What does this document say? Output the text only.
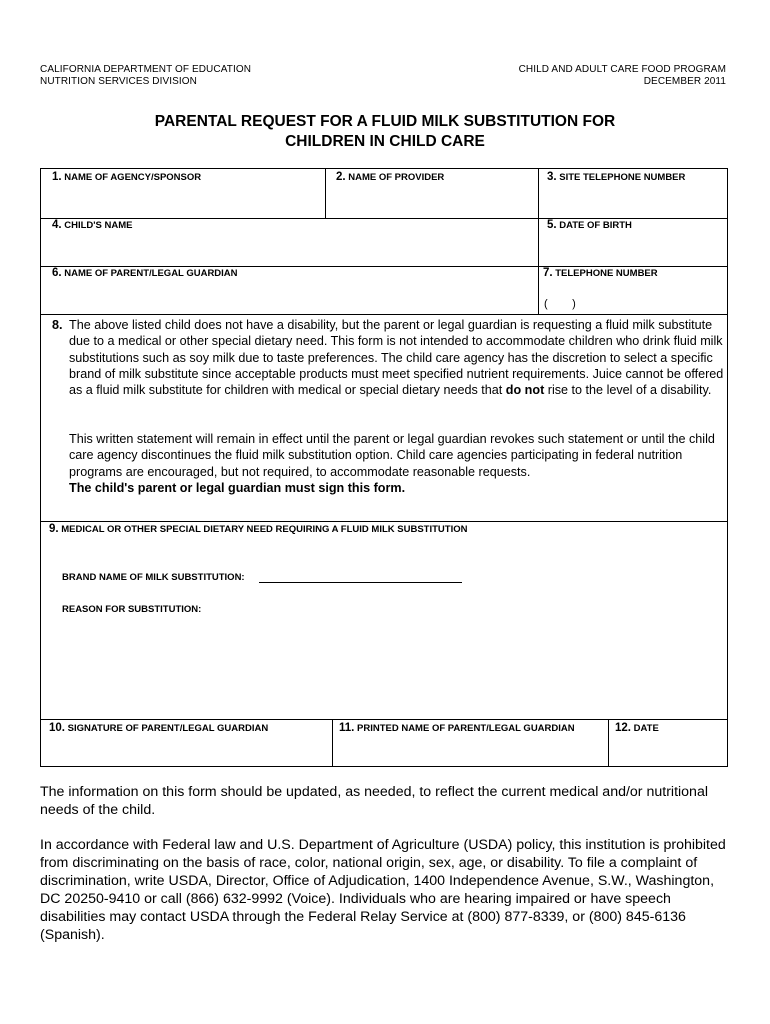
CALIFORNIA DEPARTMENT OF EDUCATION
NUTRITION SERVICES DIVISION
CHILD AND ADULT CARE FOOD PROGRAM
DECEMBER 2011
PARENTAL REQUEST FOR A FLUID MILK SUBSTITUTION FOR
CHILDREN IN CHILD CARE
1. NAME OF AGENCY/SPONSOR	2. NAME OF PROVIDER	3. SITE TELEPHONE NUMBER
4. CHILD'S NAME	5. DATE OF BIRTH
6. NAME OF PARENT/LEGAL GUARDIAN	7. TELEPHONE NUMBER
(        )
8. The above listed child does not have a disability, but the parent or legal guardian is requesting a fluid milk substitute due to a medical or other special dietary need. This form is not intended to accommodate children who drink fluid milk substitutions such as soy milk due to taste preferences. The child care agency has the discretion to select a specific brand of milk substitute since acceptable products must meet specified nutrient requirements. Juice cannot be offered as a fluid milk substitute for children with medical or special dietary needs that do not rise to the level of a disability.
This written statement will remain in effect until the parent or legal guardian revokes such statement or until the child care agency discontinues the fluid milk substitution option. Child care agencies participating in federal nutrition programs are encouraged, but not required, to accommodate reasonable requests.
The child's parent or legal guardian must sign this form.
9. MEDICAL OR OTHER SPECIAL DIETARY NEED REQUIRING A FLUID MILK SUBSTITUTION
BRAND NAME OF MILK SUBSTITUTION:
REASON FOR SUBSTITUTION:
10. SIGNATURE OF PARENT/LEGAL GUARDIAN	11. PRINTED NAME OF PARENT/LEGAL GUARDIAN	12. DATE
The information on this form should be updated, as needed, to reflect the current medical and/or nutritional needs of the child.
In accordance with Federal law and U.S. Department of Agriculture (USDA) policy, this institution is prohibited from discriminating on the basis of race, color, national origin, sex, age, or disability. To file a complaint of discrimination, write USDA, Director, Office of Adjudication, 1400 Independence Avenue, S.W., Washington, DC 20250-9410 or call (866) 632-9992 (Voice). Individuals who are hearing impaired or have speech disabilities may contact USDA through the Federal Relay Service at (800) 877-8339, or (800) 845-6136 (Spanish).
